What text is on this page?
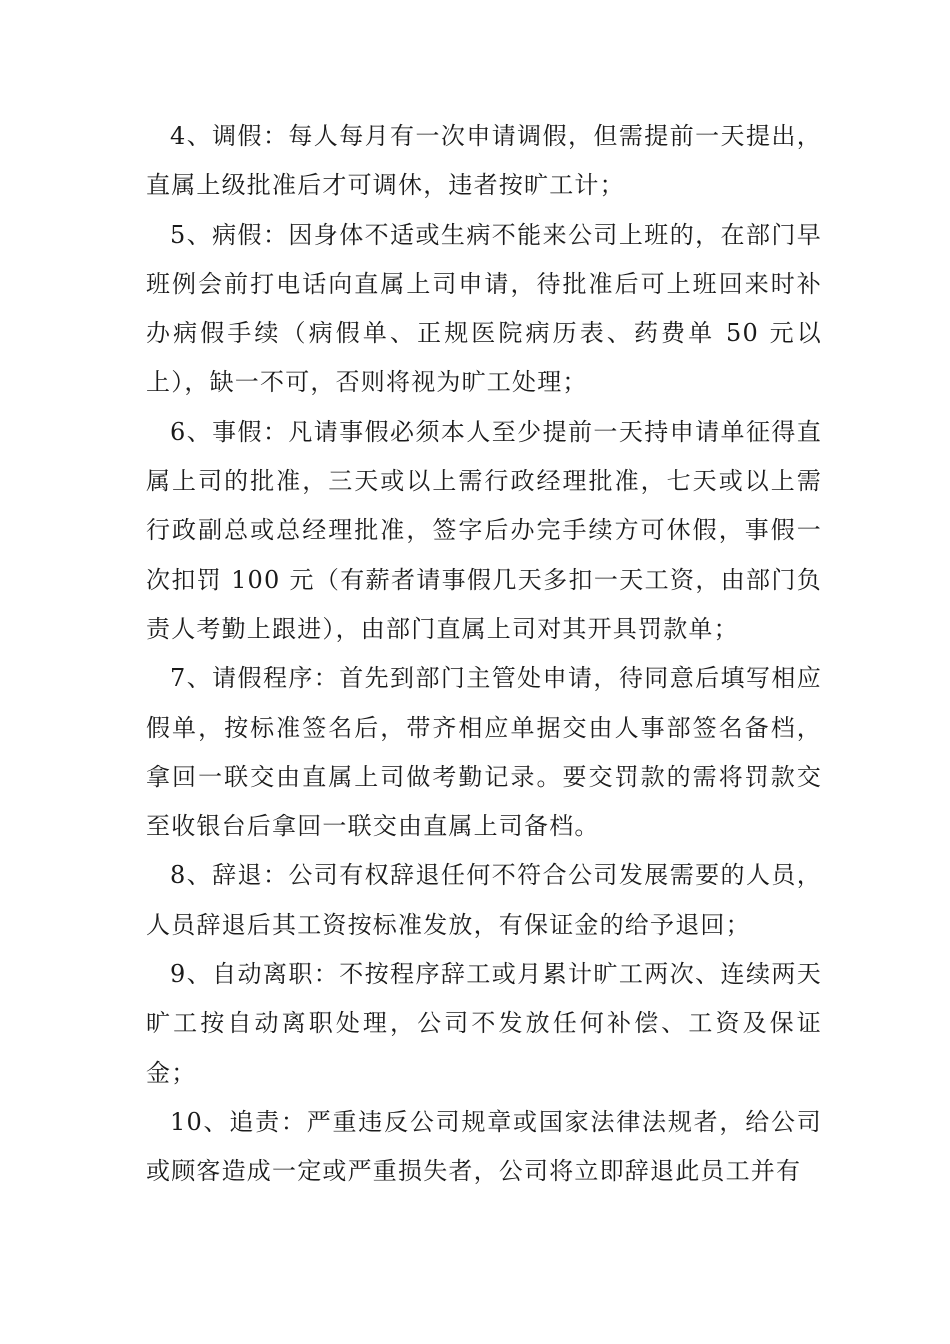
4、调假：每人每月有一次申请调假，但需提前一天提出，直属上级批准后才可调休，违者按旷工计；

5、病假：因身体不适或生病不能来公司上班的，在部门早班例会前打电话向直属上司申请，待批准后可上班回来时补办病假手续（病假单、正规医院病历表、药费单 50 元以上），缺一不可，否则将视为旷工处理；

6、事假：凡请事假必须本人至少提前一天持申请单征得直属上司的批准，三天或以上需行政经理批准，七天或以上需行政副总或总经理批准，签字后办完手续方可休假，事假一次扣罚 100 元（有薪者请事假几天多扣一天工资，由部门负责人考勤上跟进），由部门直属上司对其开具罚款单；

7、请假程序：首先到部门主管处申请，待同意后填写相应假单，按标准签名后，带齐相应单据交由人事部签名备档，拿回一联交由直属上司做考勤记录。要交罚款的需将罚款交至收银台后拿回一联交由直属上司备档。

8、辞退：公司有权辞退任何不符合公司发展需要的人员，人员辞退后其工资按标准发放，有保证金的给予退回；

9、自动离职：不按程序辞工或月累计旷工两次、连续两天旷工按自动离职处理，公司不发放任何补偿、工资及保证金；

10、追责：严重违反公司规章或国家法律法规者，给公司或顾客造成一定或严重损失者，公司将立即辞退此员工并有
